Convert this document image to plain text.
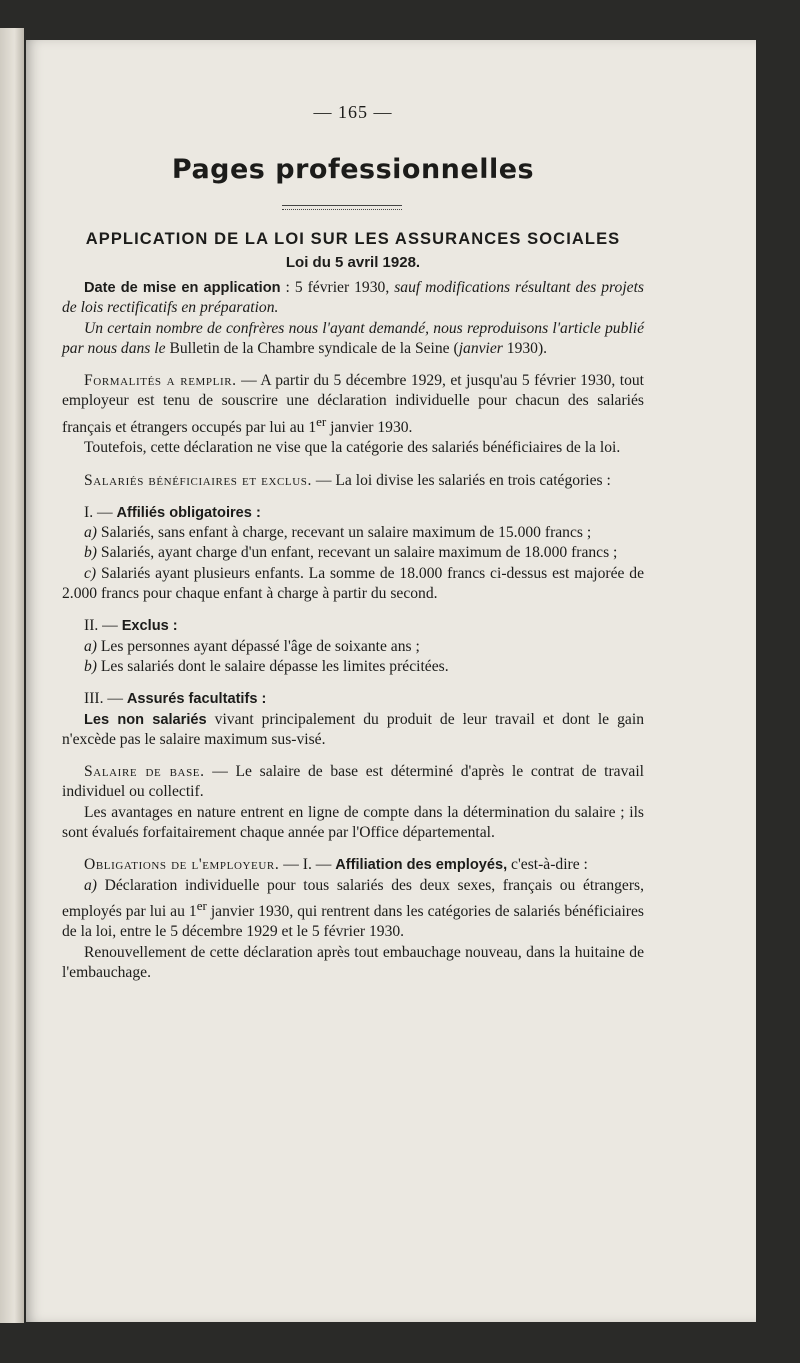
— 165 —
Pages professionnelles
APPLICATION DE LA LOI SUR LES ASSURANCES SOCIALES
Loi du 5 avril 1928.

Date de mise en application : 5 février 1930, sauf modifications résultant des projets de lois rectificatifs en préparation.

Un certain nombre de confrères nous l'ayant demandé, nous reproduisons l'article publié par nous dans le Bulletin de la Chambre syndicale de la Seine (janvier 1930).

Formalités a remplir. — A partir du 5 décembre 1929, et jusqu'au 5 février 1930, tout employeur est tenu de souscrire une déclaration individuelle pour chacun des salariés français et étrangers occupés par lui au 1er janvier 1930.

Toutefois, cette déclaration ne vise que la catégorie des salariés bénéficiaires de la loi.

Salariés bénéficiaires et exclus. — La loi divise les salariés en trois catégories :

I. — Affiliés obligatoires :

a) Salariés, sans enfant à charge, recevant un salaire maximum de 15.000 francs ;

b) Salariés, ayant charge d'un enfant, recevant un salaire maximum de 18.000 francs ;

c) Salariés ayant plusieurs enfants. La somme de 18.000 francs ci-dessus est majorée de 2.000 francs pour chaque enfant à charge à partir du second.

II. — Exclus :

a) Les personnes ayant dépassé l'âge de soixante ans ;

b) Les salariés dont le salaire dépasse les limites précitées.

III. — Assurés facultatifs :

Les non salariés vivant principalement du produit de leur travail et dont le gain n'excède pas le salaire maximum sus-visé.

Salaire de base. — Le salaire de base est déterminé d'après le contrat de travail individuel ou collectif.

Les avantages en nature entrent en ligne de compte dans la détermination du salaire ; ils sont évalués forfaitairement chaque année par l'Office départemental.

Obligations de l'employeur. — I. — Affiliation des employés, c'est-à-dire :

a) Déclaration individuelle pour tous salariés des deux sexes, français ou étrangers, employés par lui au 1er janvier 1930, qui rentrent dans les catégories de salariés bénéficiaires de la loi, entre le 5 décembre 1929 et le 5 février 1930.

Renouvellement de cette déclaration après tout embauchage nouveau, dans la huitaine de l'embauchage.
